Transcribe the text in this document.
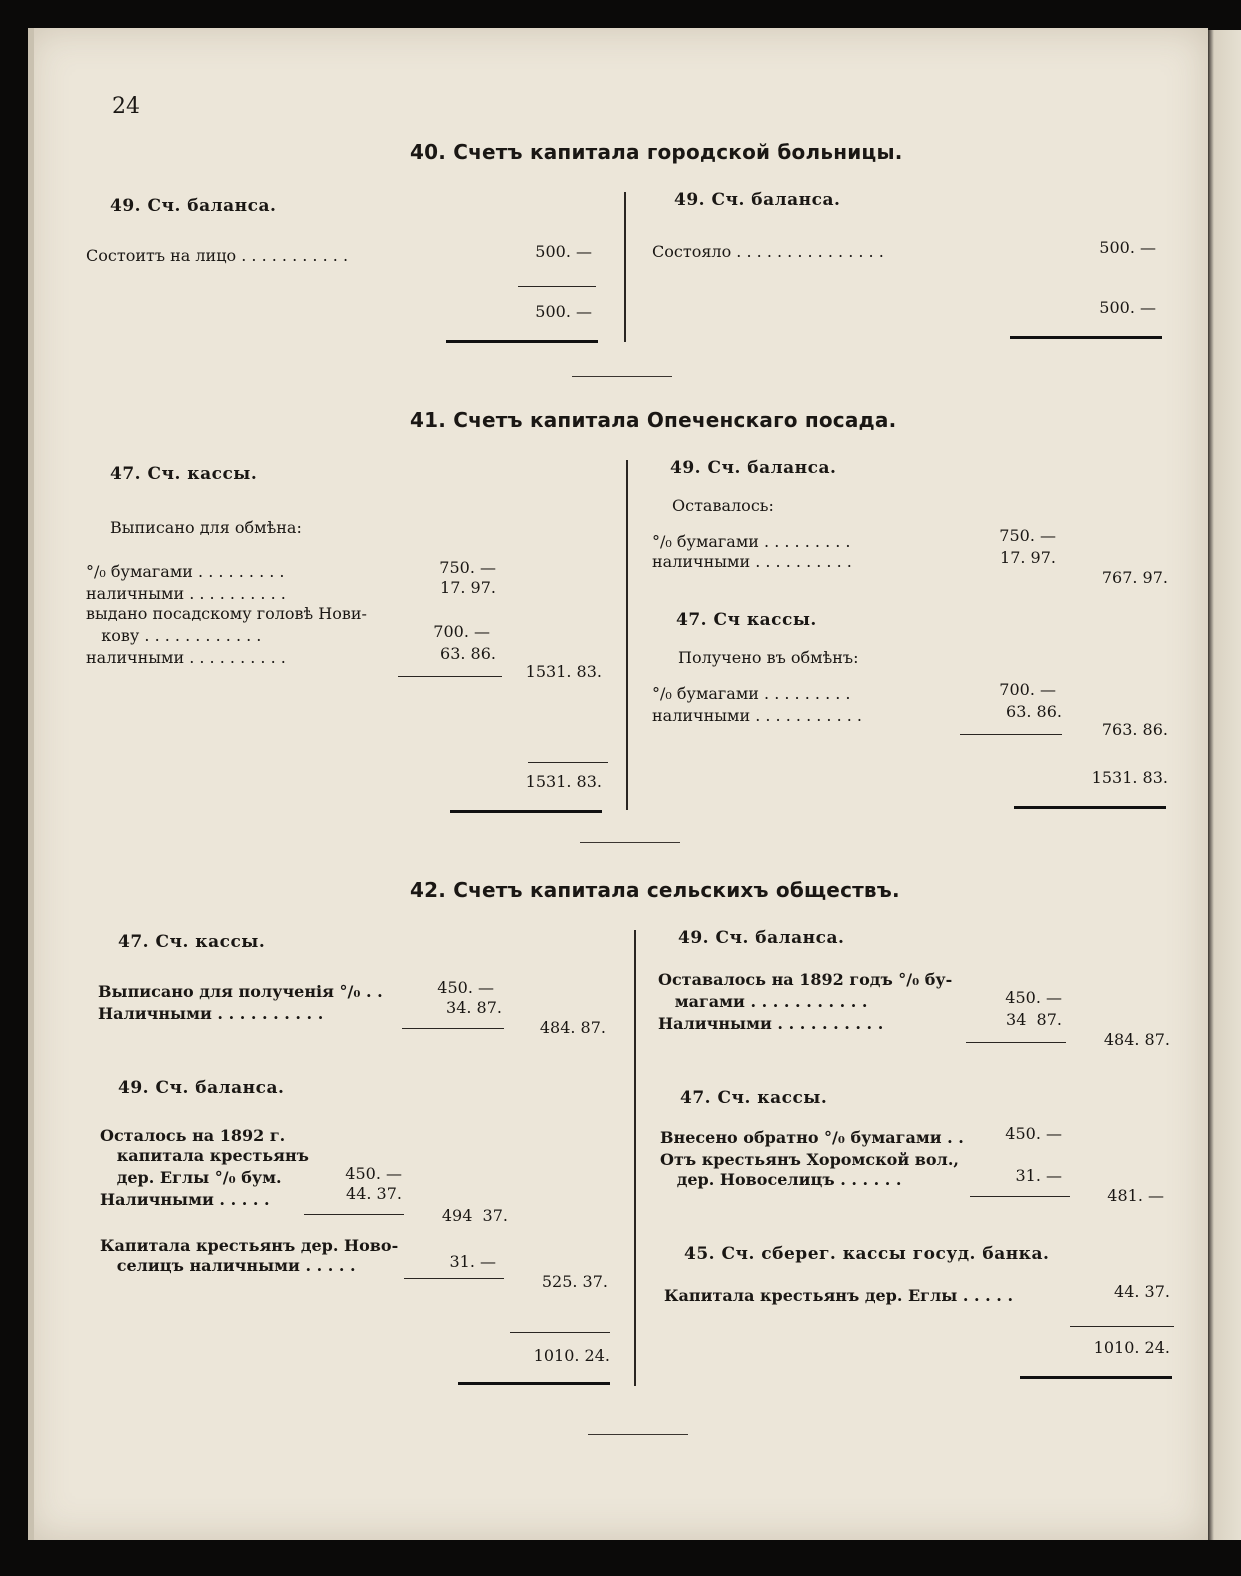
24
40. Счетъ капитала городской больницы.
49. Сч. баланса.
Состоитъ на лицо . . . . . . . . . . .	500. —
500. —
49. Сч. баланса.
Состояло . . . . . . . . . . . . . . .	500. —
500. —
41. Счетъ капитала Опеченскаго посада.
47. Сч. кассы.
Выписано для обмѣна:
°/₀ бумагами . . . . . . . . .	750. —
наличными . . . . . . . . . .	17. 97.
выдано посадскому головѣ Нови-
кову . . . . . . . . . . . .	700. —
наличными . . . . . . . . . .	63. 86.
1531. 83.
1531. 83.
49. Сч. баланса.
Оставалось:
°/₀ бумагами . . . . . . . . .	750. —
наличными . . . . . . . . . .	17. 97.
767. 97.
47. Сч кассы.
Получено въ обмѣнъ:
°/₀ бумагами . . . . . . . . .	700. —
наличными . . . . . . . . . . .	63. 86.
763. 86.
1531. 83.
42. Счетъ капитала сельскихъ обществъ.
47. Сч. кассы.
Выписано для полученія °/₀ . .	450. —
Наличными . . . . . . . . . .	34. 87.
484. 87.
49. Сч. баланса.
Осталось на 1892 г.
капитала крестьянъ
дер. Еглы °/₀ бум.	450. —
Наличными . . . . .	44. 37.
494  37.
Капитала крестьянъ дер. Ново-
селицъ наличными . . . . .	31. —
525. 37.
1010. 24.
49. Сч. баланса.
Оставалось на 1892 годъ °/₀ бу-
магами . . . . . . . . . . .	450. —
Наличными . . . . . . . . . .	34  87.
484. 87.
47. Сч. кассы.
Внесено обратно °/₀ бумагами . .	450. —
Отъ крестьянъ Хоромской вол.,
дер. Новоселицъ . . . . . .	31. —
481. —
45. Сч. сберег. кассы госуд. банка.
Капитала крестьянъ дер. Еглы . . . . .	44. 37.
1010. 24.
